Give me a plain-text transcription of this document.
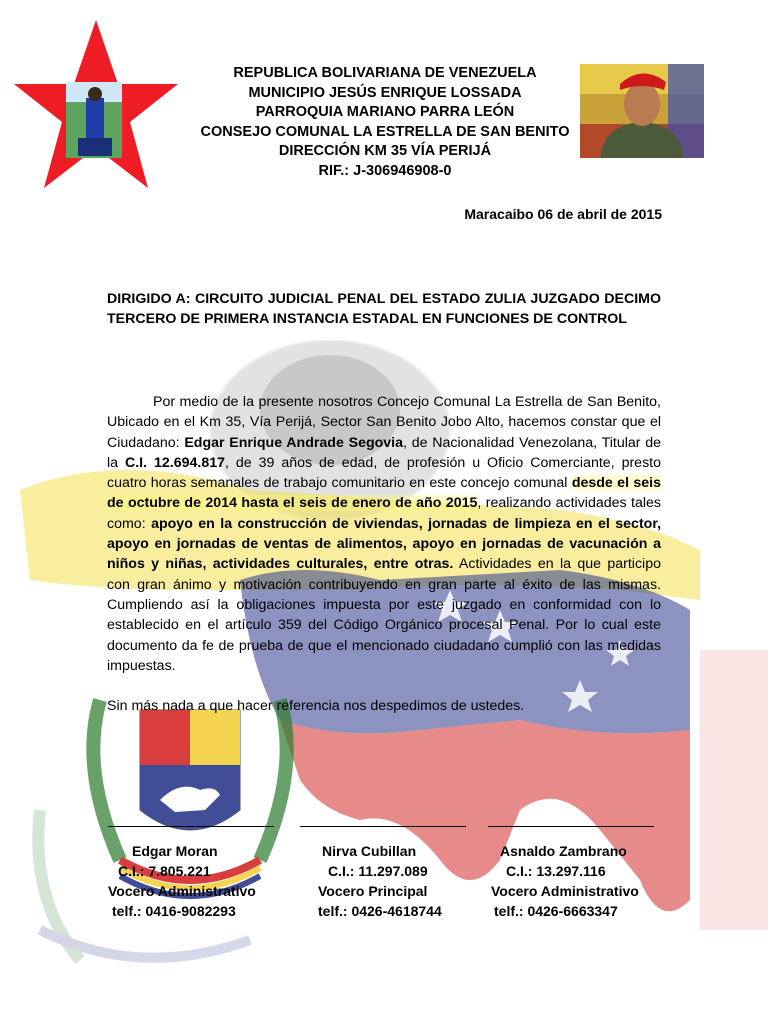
REPUBLICA BOLIVARIANA DE VENEZUELA
MUNICIPIO JESÚS ENRIQUE LOSSADA
PARROQUIA MARIANO PARRA LEÓN
CONSEJO COMUNAL LA ESTRELLA DE SAN BENITO
DIRECCIÓN KM 35 VÍA PERIJÁ
RIF.: J-306946908-0
Maracaibo 06 de abril de 2015
DIRIGIDO A: CIRCUITO JUDICIAL PENAL DEL ESTADO ZULIA JUZGADO DECIMO TERCERO DE PRIMERA INSTANCIA ESTADAL EN FUNCIONES DE CONTROL

Por medio de la presente nosotros Concejo Comunal La Estrella de San Benito, Ubicado en el Km 35, Vía Perijá, Sector San Benito Jobo Alto, hacemos constar que el Ciudadano: Edgar Enrique Andrade Segovia, de Nacionalidad Venezolana, Titular de la C.I. 12.694.817, de 39 años de edad, de profesión u Oficio Comerciante, presto cuatro horas semanales de trabajo comunitario en este concejo comunal desde el seis de octubre de 2014 hasta el seis de enero de año 2015, realizando actividades tales como: apoyo en la construcción de viviendas, jornadas de limpieza en el sector, apoyo en jornadas de ventas de alimentos, apoyo en jornadas de vacunación a niños y niñas, actividades culturales, entre otras. Actividades en la que participo con gran ánimo y motivación contribuyendo en gran parte al éxito de las mismas. Cumpliendo así la obligaciones impuesta por este juzgado en conformidad con lo establecido en el artículo 359 del Código Orgánico procesal Penal. Por lo cual este documento da fe de prueba de que el mencionado ciudadano cumplió con las medidas impuestas.

Sin más nada a que hacer referencia nos despedimos de ustedes.
Edgar Moran
C.I.: 7.805.221
Vocero Administrativo
telf.: 0416-9082293
Nirva Cubillan
C.I.: 11.297.089
Vocero Principal
telf.: 0426-4618744
Asnaldo Zambrano
C.I.: 13.297.116
Vocero Administrativo
telf.: 0426-6663347
